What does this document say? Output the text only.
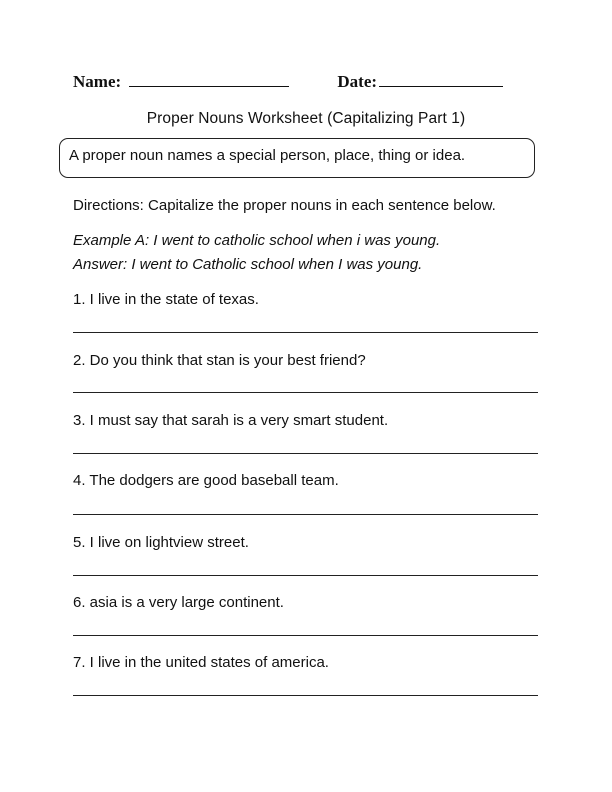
Name:	Date:
Proper Nouns Worksheet (Capitalizing Part 1)
A proper noun names a special person, place, thing or idea.
Directions: Capitalize the proper nouns in each sentence below.
Example A: I went to catholic school when i was young.
Answer: I went to Catholic school when I was young.
1. I live in the state of texas.
2. Do you think that stan is your best friend?
3. I must say that sarah is a very smart student.
4. The dodgers are good baseball team.
5. I live on lightview street.
6. asia is a very large continent.
7. I live in the united states of america.
